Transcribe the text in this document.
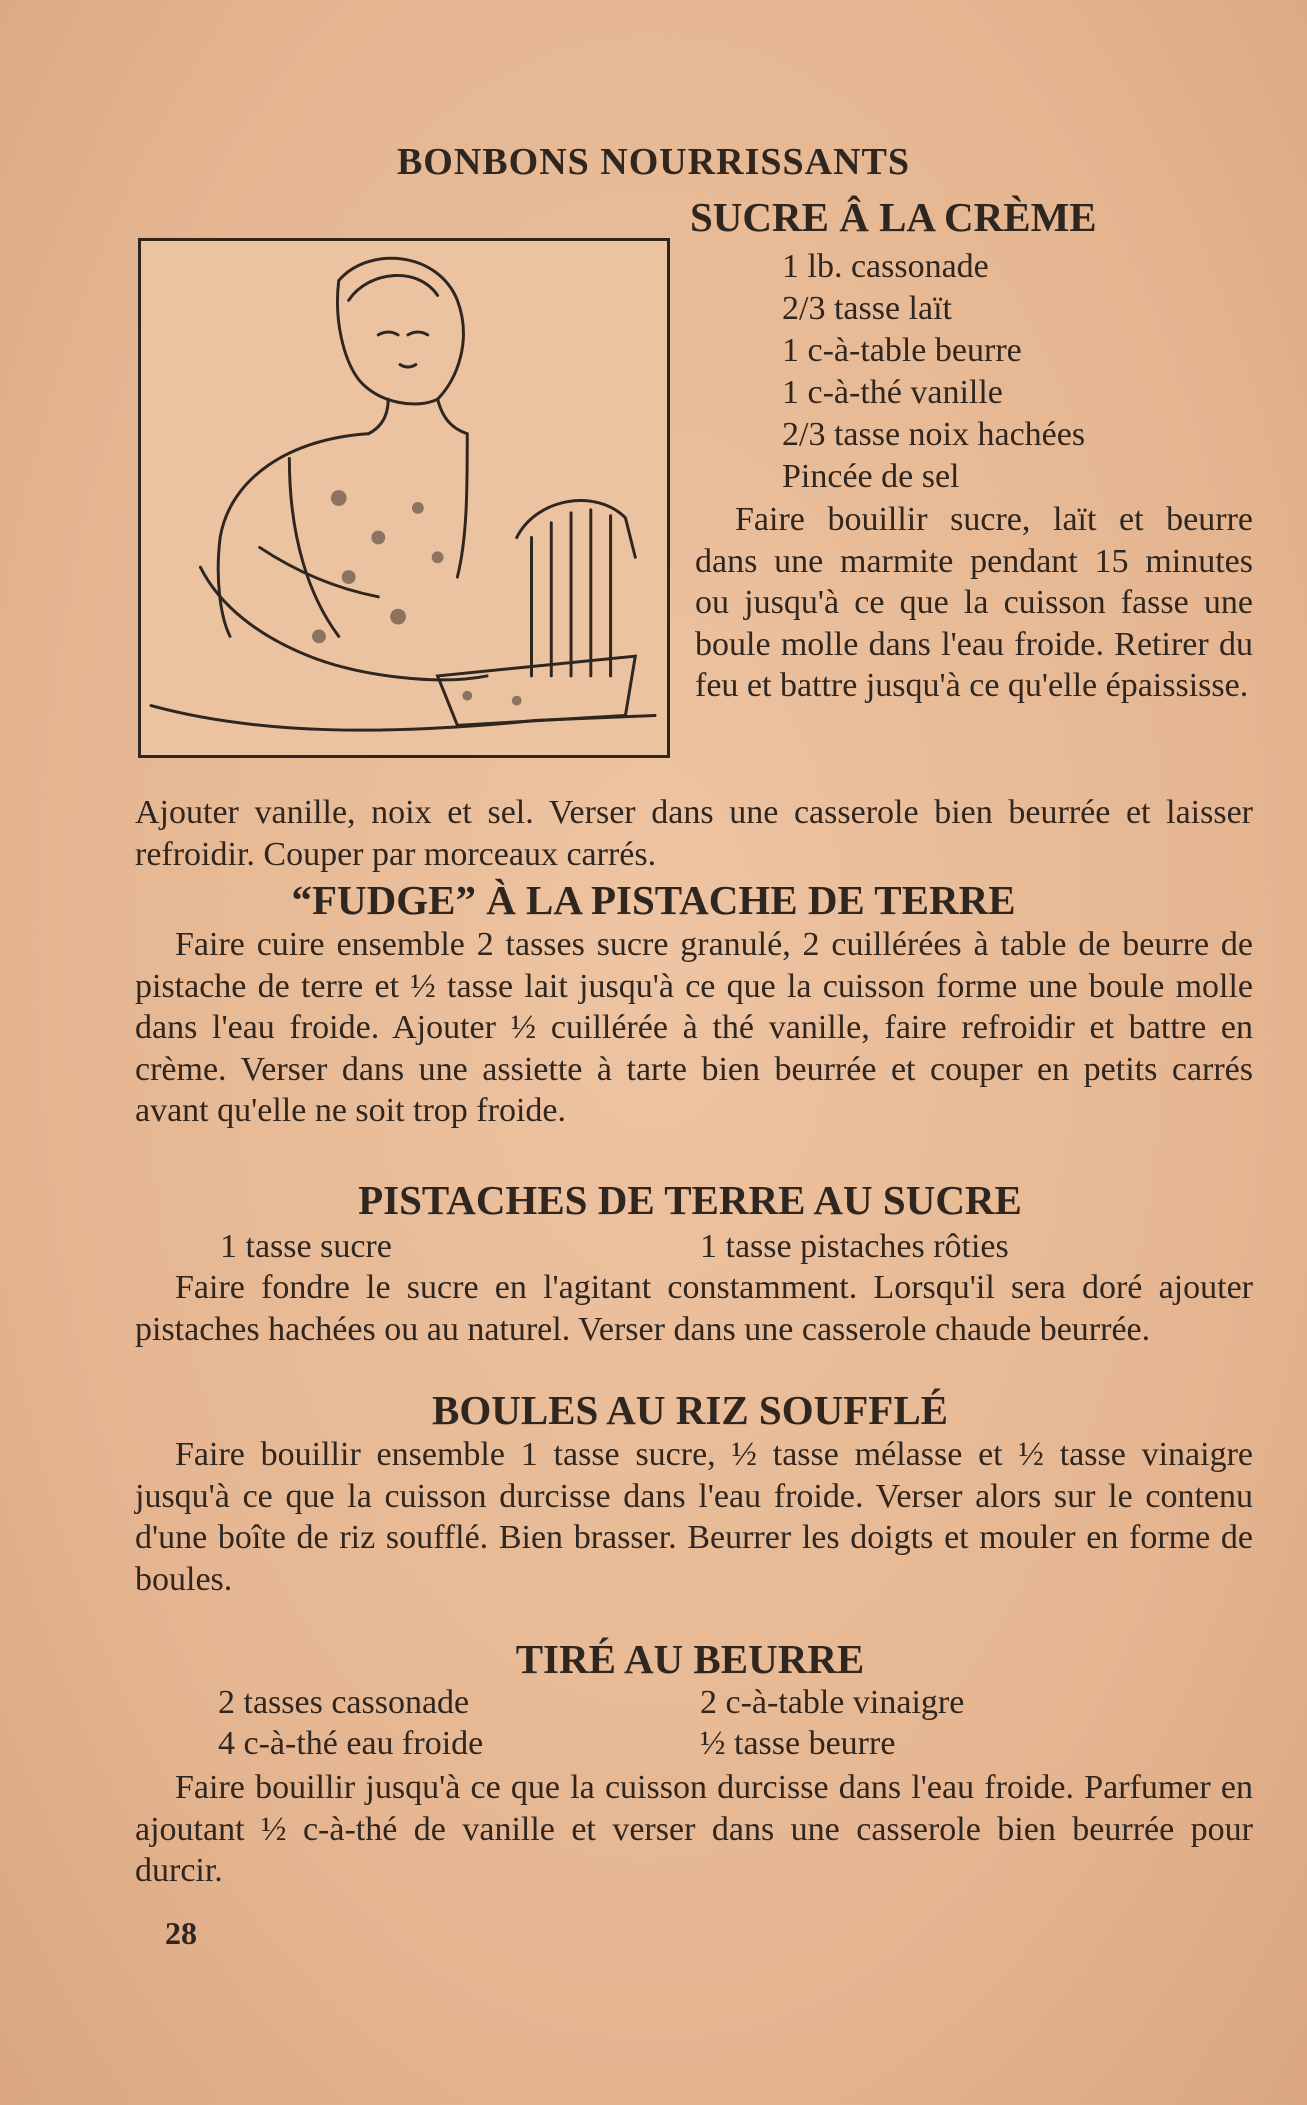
BONBONS NOURRISSANTS
SUCRE Â LA CRÈME
1 lb. cassonade
2/3 tasse laït
1 c-à-table beurre
1 c-à-thé vanille
2/3 tasse noix hachées
Pincée de sel
Faire bouillir sucre, laït et beurre dans une marmite pendant 15 minutes ou jusqu'à ce que la cuisson fasse une boule molle dans l'eau froide. Retirer du feu et battre jusqu'à ce qu'elle épaississe.
Ajouter vanille, noix et sel. Verser dans une casserole bien beurrée et laisser refroidir. Couper par morceaux carrés.
“FUDGE” À LA PISTACHE DE TERRE
Faire cuire ensemble 2 tasses sucre granulé, 2 cuillérées à table de beurre de pistache de terre et ½ tasse lait jusqu'à ce que la cuisson forme une boule molle dans l'eau froide. Ajouter ½ cuillérée à thé vanille, faire refroidir et battre en crème. Verser dans une assiette à tarte bien beurrée et couper en petits carrés avant qu'elle ne soit trop froide.
PISTACHES DE TERRE AU SUCRE
1 tasse sucre	1 tasse pistaches rôties
Faire fondre le sucre en l'agitant constamment. Lorsqu'il sera doré ajouter pistaches hachées ou au naturel. Verser dans une casserole chaude beurrée.
BOULES AU RIZ SOUFFLÉ
Faire bouillir ensemble 1 tasse sucre, ½ tasse mélasse et ½ tasse vinaigre jusqu'à ce que la cuisson durcisse dans l'eau froide. Verser alors sur le contenu d'une boîte de riz soufflé. Bien brasser. Beurrer les doigts et mouler en forme de boules.
TIRÉ AU BEURRE
2 tasses cassonade	2 c-à-table vinaigre
4 c-à-thé eau froide	½ tasse beurre
Faire bouillir jusqu'à ce que la cuisson durcisse dans l'eau froide. Parfumer en ajoutant ½ c-à-thé de vanille et verser dans une casserole bien beurrée pour durcir.
28
